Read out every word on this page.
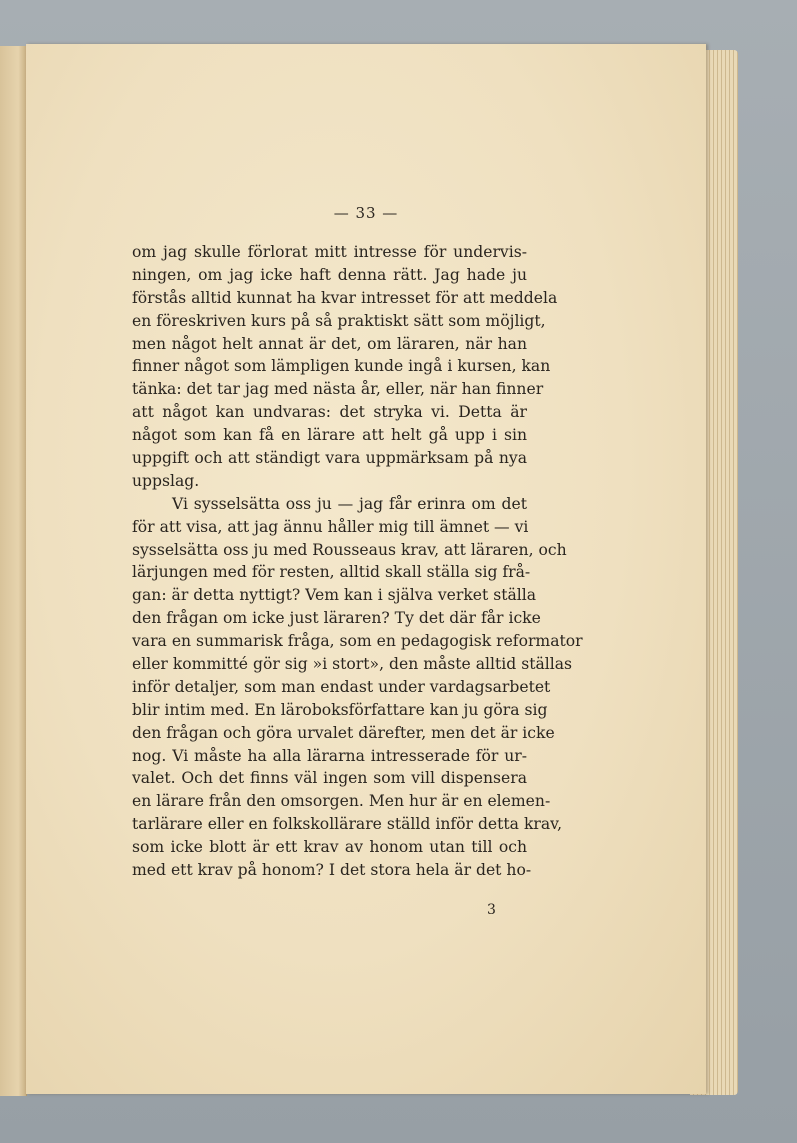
— 33 —
om jag skulle förlorat mitt intresse för undervis-
ningen, om jag icke haft denna rätt. Jag hade ju
förstås alltid kunnat ha kvar intresset för att meddela
en föreskriven kurs på så praktiskt sätt som möjligt,
men något helt annat är det, om läraren, när han
finner något som lämpligen kunde ingå i kursen, kan
tänka: det tar jag med nästa år, eller, när han finner
att något kan undvaras: det stryka vi. Detta är
något som kan få en lärare att helt gå upp i sin
uppgift och att ständigt vara uppmärksam på nya
uppslag.
Vi sysselsätta oss ju — jag får erinra om det
för att visa, att jag ännu håller mig till ämnet — vi
sysselsätta oss ju med Rousseaus krav, att läraren, och
lärjungen med för resten, alltid skall ställa sig frå-
gan: är detta nyttigt? Vem kan i själva verket ställa
den frågan om icke just läraren? Ty det där får icke
vara en summarisk fråga, som en pedagogisk reformator
eller kommitté gör sig »i stort», den måste alltid ställas
inför detaljer, som man endast under vardagsarbetet
blir intim med. En läroboksförfattare kan ju göra sig
den frågan och göra urvalet därefter, men det är icke
nog. Vi måste ha alla lärarna intresserade för ur-
valet. Och det finns väl ingen som vill dispensera
en lärare från den omsorgen. Men hur är en elemen-
tarlärare eller en folkskollärare ställd inför detta krav,
som icke blott är ett krav av honom utan till och
med ett krav på honom? I det stora hela är det ho-
3
